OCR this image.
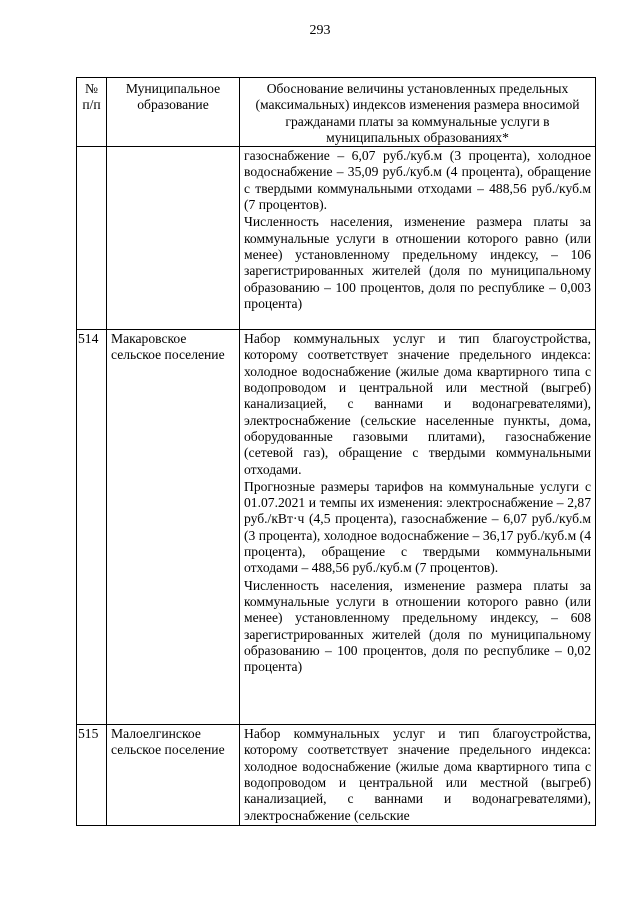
293
№ п/п	Муниципальное образование	Обоснование величины установленных предельных (максимальных) индексов изменения размера вносимой гражданами платы за коммунальные услуги в муниципальных образованиях*

		газоснабжение – 6,07 руб./куб.м (3 процента), холодное водоснабжение – 35,09 руб./куб.м (4 процента), обращение с твердыми коммунальными отходами – 488,56 руб./куб.м (7 процентов).

Численность населения, изменение размера платы за коммунальные услуги в отношении которого равно (или менее) установленному предельному индексу, – 106 зарегистрированных жителей (доля по муниципальному образованию – 100 процентов, доля по республике – 0,003 процента)

514	Макаровское сельское поселение	Набор коммунальных услуг и тип благоустройства, которому соответствует значение предельного индекса: холодное водоснабжение (жилые дома квартирного типа с водопроводом и центральной или местной (выгреб) канализацией, с ваннами и водонагревателями), электроснабжение (сельские населенные пункты, дома, оборудованные газовыми плитами), газоснабжение (сетевой газ), обращение с твердыми коммунальными отходами.

Прогнозные размеры тарифов на коммунальные услуги с 01.07.2021 и темпы их изменения: электроснабжение – 2,87 руб./кВт·ч (4,5 процента), газоснабжение – 6,07 руб./куб.м (3 процента), холодное водоснабжение – 36,17 руб./куб.м (4 процента), обращение с твердыми коммунальными отходами – 488,56 руб./куб.м (7 процентов).

Численность населения, изменение размера платы за коммунальные услуги в отношении которого равно (или менее) установленному предельному индексу, – 608 зарегистрированных жителей (доля по муниципальному образованию – 100 процентов, доля по республике – 0,02 процента)

515	Малоелгинское сельское поселение	Набор коммунальных услуг и тип благоустройства, которому соответствует значение предельного индекса: холодное водоснабжение (жилые дома квартирного типа с водопроводом и центральной или местной (выгреб) канализацией, с ваннами и водонагревателями), электроснабжение (сельские
